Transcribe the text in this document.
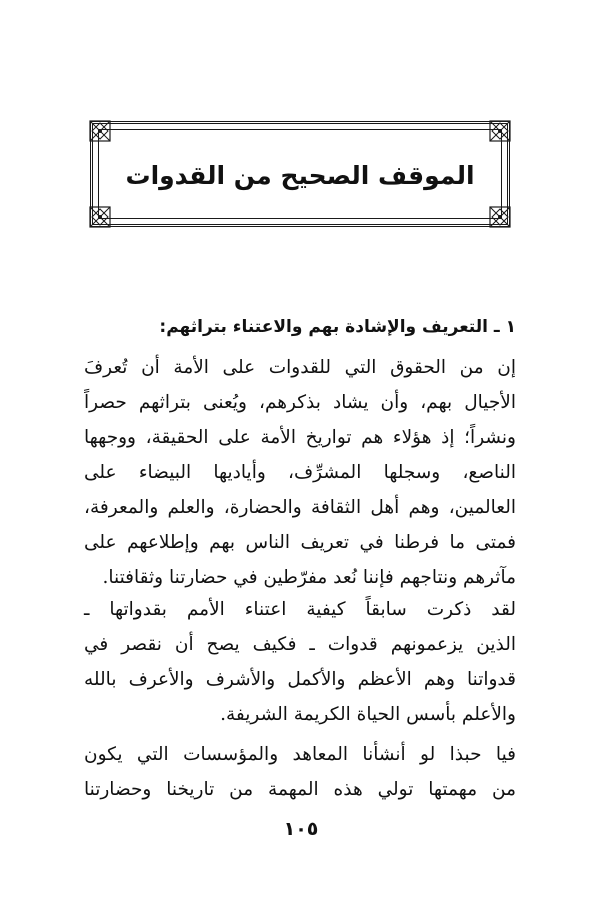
الموقف الصحيح من القدوات
١ ـ التعريف والإشادة بهم والاعتناء بتراثهم:
إن من الحقوق التي للقدوات على الأمة أن تُعرفَ
الأجيال بهم، وأن يشاد بذكرهم، ويُعنى بتراثهم حصراً
ونشراً؛ إذ هؤلاء هم تواريخ الأمة على الحقيقة، ووجهها
الناصع، وسجلها المشرِّف، وأياديها البيضاء على
العالمين، وهم أهل الثقافة والحضارة، والعلم والمعرفة،
فمتى ما فرطنا في تعريف الناس بهم وإطلاعهم على
مآثرهم ونتاجهم فإننا نُعد مفرّطين في حضارتنا وثقافتنا.
لقد ذكرت سابقاً كيفية اعتناء الأمم بقدواتها ـ
الذين يزعمونهم قدوات ـ فكيف يصح أن نقصر في
قدواتنا وهم الأعظم والأكمل والأشرف والأعرف بالله
والأعلم بأسس الحياة الكريمة الشريفة.
فيا حبذا لو أنشأنا المعاهد والمؤسسات التي يكون
من مهمتها تولي هذه المهمة من تاريخنا وحضارتنا
١٠٥
